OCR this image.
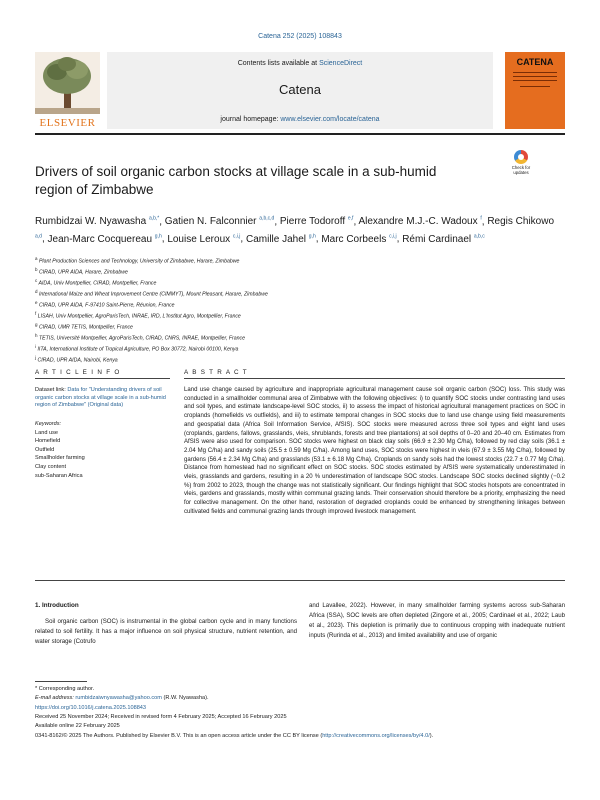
Catena 252 (2025) 108843
ELSEVIER
Contents lists available at ScienceDirect
Catena
journal homepage: www.elsevier.com/locate/catena
CATENA
Drivers of soil organic carbon stocks at village scale in a sub-humid region of Zimbabwe
Check for updates
Rumbidzai W. Nyawasha $^{a,b,*}$, Gatien N. Falconnier $^{a,b,c,d}$, Pierre Todoroff $^{e,f}$, Alexandre M.J.-C. Wadoux $^f$, Regis Chikowo $^{a,d}$, Jean-Marc Cocquereau $^{g,h}$, Louise Leroux $^{c,i,j}$, Camille Jahel $^{g,h}$, Marc Corbeels $^{c,i,j}$, Rémi Cardinael $^{a,b,c}$
$^a$ Plant Production Sciences and Technology, University of Zimbabwe, Harare, Zimbabwe
$^b$ CIRAD, UPR AIDA, Harare, Zimbabwe
$^c$ AIDA, Univ Montpellier, CIRAD, Montpellier, France
$^d$ International Maize and Wheat Improvement Centre (CIMMYT), Mount Pleasant, Harare, Zimbabwe
$^e$ CIRAD, UPR AIDA, F-97410 Saint-Pierre, Réunion, France
$^f$ LISAH, Univ Montpellier, AgroParisTech, INRAE, IRD, L'Institut Agro, Montpellier, France
$^g$ CIRAD, UMR TETIS, Montpellier, France
$^h$ TETIS, Université Montpellier, AgroParisTech, CIRAD, CNRS, INRAE, Montpellier, France
$^i$ IITA, International Institute of Tropical Agriculture, PO Box 30772, Nairobi 00100, Kenya
$^j$ CIRAD, UPR AIDA, Nairobi, Kenya
A R T I C L E I N F O	A B S T R A C T
Dataset link: Data for "Understanding drivers of soil organic carbon stocks at village scale in a sub-humid region of Zimbabwe" (Original data)
Keywords:
Land use
Homefield
Outfield
Smallholder farming
Clay content
sub-Saharan Africa
Land use change caused by agriculture and inappropriate agricultural management cause soil organic carbon (SOC) loss. This study was conducted in a smallholder communal area of Zimbabwe with the following objectives: i) to quantify SOC stocks under contrasting land uses and soil types, and estimate landscape-level SOC stocks, ii) to assess the impact of historical agricultural management practices on SOC in croplands (homefields vs outfields), and iii) to estimate temporal changes in SOC stocks due to land use change using field measurements and geospatial data (Africa Soil Information Service, AfSIS). SOC stocks were measured across three soil types and eight land uses (croplands, gardens, fallows, grasslands, vleis, shrublands, forests and tree plantations) at soil depths of 0–20 and 20–40 cm. Estimates from AfSIS were also used for comparison. SOC stocks were highest on black clay soils (66.9 ± 2.30 Mg C/ha), followed by red clay soils (36.1 ± 2.04 Mg C/ha) and sandy soils (25.5 ± 0.59 Mg C/ha). Among land uses, SOC stocks were highest in vleis (67.9 ± 3.55 Mg C/ha), followed by gardens (56.4 ± 2.34 Mg C/ha) and grasslands (53.1 ± 6.18 Mg C/ha). Croplands on sandy soils had the lowest stocks (22.7 ± 0.77 Mg C/ha). Distance from homestead had no significant effect on SOC stocks. SOC stocks estimated by AfSIS were systematically underestimated in vleis, grasslands and gardens, resulting in a 20 % underestimation of landscape SOC stocks. Landscape SOC stocks declined slightly (−0.2 %) from 2002 to 2023, though the change was not statistically significant. Our findings highlight that SOC stocks hotspots are concentrated in vleis, gardens and grasslands, mostly within communal grazing lands. Their conservation should therefore be a priority, emphasizing the need for collective management. On the other hand, restoration of degraded croplands could be enhanced by strengthening linkages between cultivated fields and communal grazing lands through improved livestock management.
1. Introduction
Soil organic carbon (SOC) is instrumental in the global carbon cycle and in many functions related to soil fertility. It has a major influence on soil physical structure, nutrient retention, and water storage (Cotrufo
and Lavallee, 2022). However, in many smallholder farming systems across sub-Saharan Africa (SSA), SOC levels are often depleted (Zingore et al., 2005; Cardinael et al., 2022; Laub et al., 2023). This depletion is primarily due to continuous cropping with inadequate nutrient inputs (Rurinda et al., 2013) and limited availability and use of organic
* Corresponding author.
E-mail address: rumbidzaiwnyawasha@yahoo.com (R.W. Nyawasha).
https://doi.org/10.1016/j.catena.2025.108843
Received 25 November 2024; Received in revised form 4 February 2025; Accepted 16 February 2025
Available online 22 February 2025
0341-8162/© 2025 The Authors. Published by Elsevier B.V. This is an open access article under the CC BY license (http://creativecommons.org/licenses/by/4.0/).
